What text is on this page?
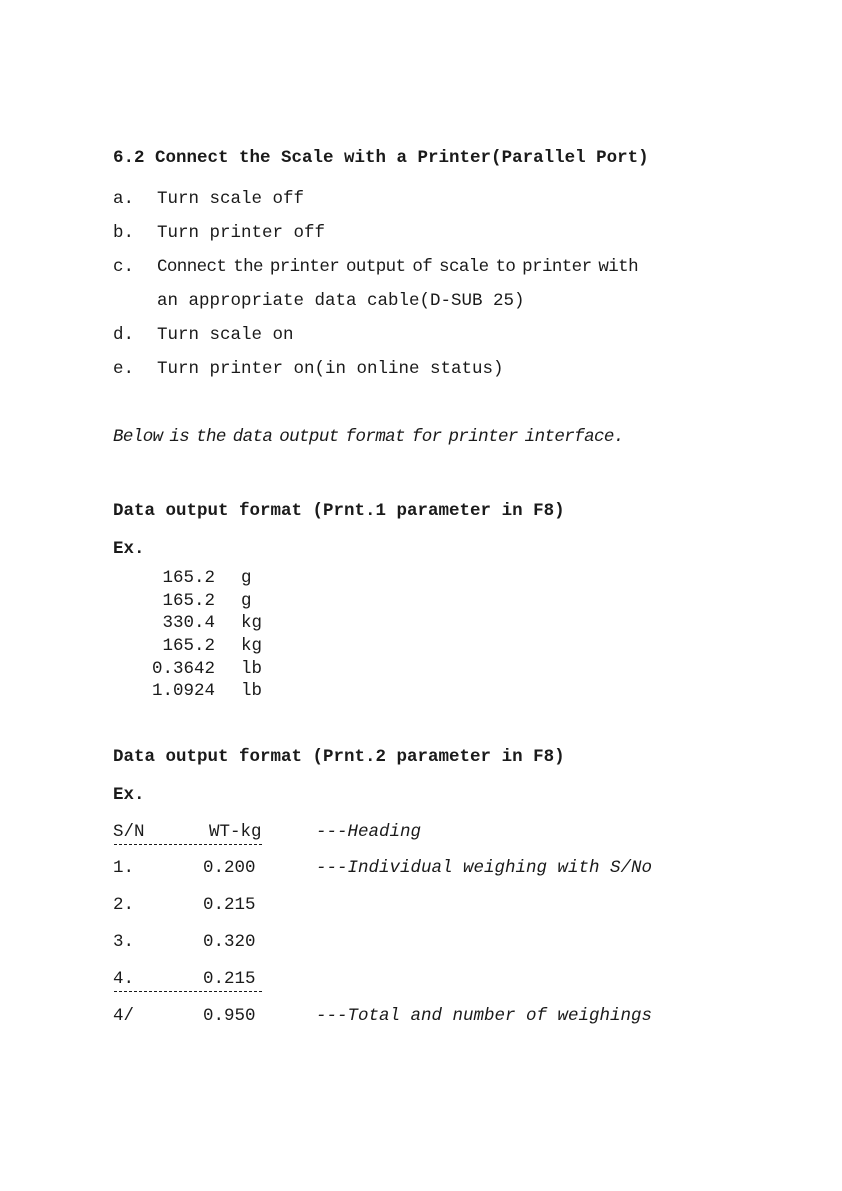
6.2 Connect the Scale with a Printer(Parallel Port)
a. Turn scale off
b. Turn printer off
c. Connect the printer output of scale to printer with
an appropriate data cable(D-SUB 25)
d. Turn scale on
e. Turn printer on(in online status)
Below is the data output format for printer interface.
Data output format (Prnt.1 parameter in F8)
Ex.
165.2 g
165.2 g
330.4 kg
165.2 kg
0.3642 lb
1.0924 lb
Data output format (Prnt.2 parameter in F8)
Ex.
S/N	WT-kg	---Heading
1.	0.200	---Individual weighing with S/No
2.	0.215
3.	0.320
4.	0.215
4/	0.950	---Total and number of weighings
